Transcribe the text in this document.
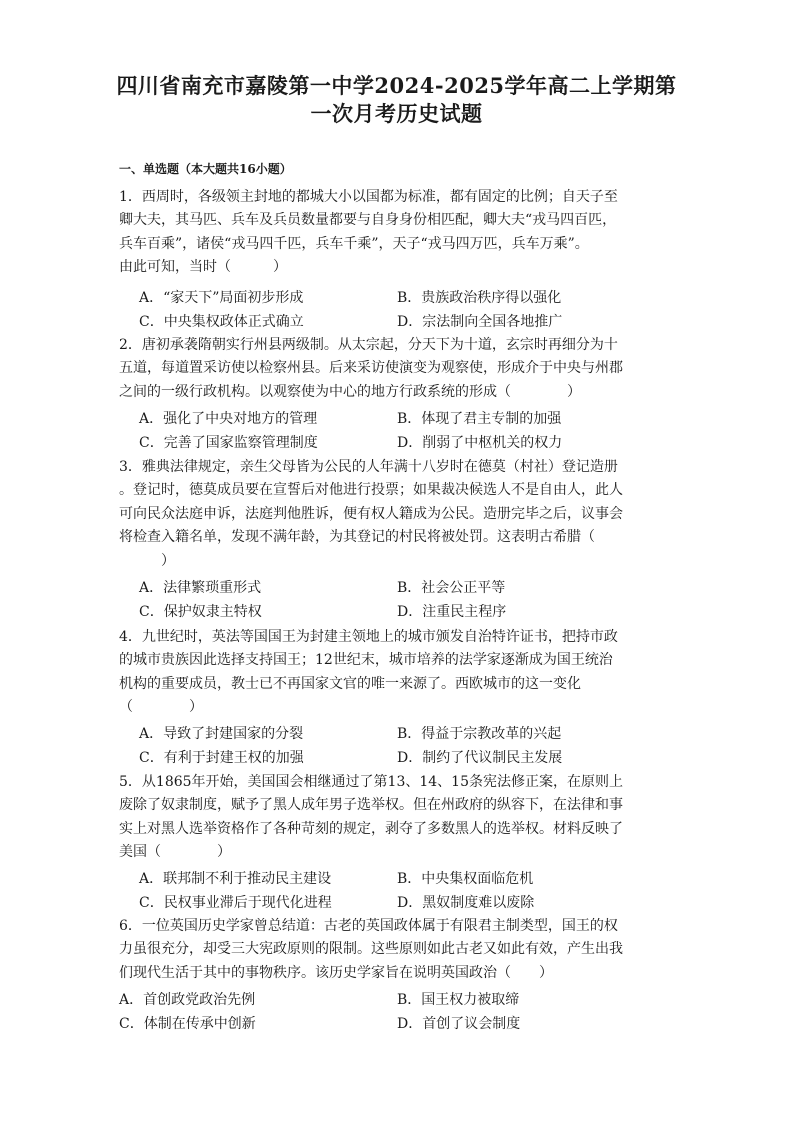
四川省南充市嘉陵第一中学2024-2025学年高二上学期第
一次月考历史试题
一、单选题（本大题共16小题）
1．西周时，各级领主封地的都城大小以国都为标准，都有固定的比例；自天子至
卿大夫，其马匹、兵车及兵员数量都要与自身身份相匹配，卿大夫“戎马四百匹，
兵车百乘”，诸侯“戎马四千匹，兵车千乘”，天子“戎马四万匹，兵车万乘”。
由此可知，当时（　　　）
A．“家天下”局面初步形成	B．贵族政治秩序得以强化
C．中央集权政体正式确立	D．宗法制向全国各地推广
2．唐初承袭隋朝实行州县两级制。从太宗起，分天下为十道，玄宗时再细分为十
五道，每道置采访使以检察州县。后来采访使演变为观察使，形成介于中央与州郡
之间的一级行政机构。以观察使为中心的地方行政系统的形成（　　　　）
A．强化了中央对地方的管理	B．体现了君主专制的加强
C．完善了国家监察管理制度	D．削弱了中枢机关的权力
3．雅典法律规定，亲生父母皆为公民的人年满十八岁时在德莫（村社）登记造册
。登记时，德莫成员要在宣誓后对他进行投票；如果裁决候选人不是自由人，此人
可向民众法庭申诉，法庭判他胜诉，便有权人籍成为公民。造册完毕之后，议事会
将检查入籍名单，发现不满年龄，为其登记的村民将被处罚。这表明古希腊（
　　　）
A．法律繁琐重形式	B．社会公正平等
C．保护奴隶主特权	D．注重民主程序
4．九世纪时，英法等国国王为封建主领地上的城市颁发自治特许证书，把持市政
的城市贵族因此选择支持国王；12世纪末，城市培养的法学家逐渐成为国王统治
机构的重要成员，教士已不再国家文官的唯一来源了。西欧城市的这一变化
（　　　　）
A．导致了封建国家的分裂	B．得益于宗教改革的兴起
C．有利于封建王权的加强	D．制约了代议制民主发展
5．从1865年开始，美国国会相继通过了第13、14、15条宪法修正案，在原则上
废除了奴隶制度，赋予了黑人成年男子选举权。但在州政府的纵容下，在法律和事
实上对黑人选举资格作了各种苛刻的规定，剥夺了多数黑人的选举权。材料反映了
美国（　　　　）
A．联邦制不利于推动民主建设	B．中央集权面临危机
C．民权事业滞后于现代化进程	D．黑奴制度难以废除
6．一位英国历史学家曾总结道：古老的英国政体属于有限君主制类型，国王的权
力虽很充分，却受三大宪政原则的限制。这些原则如此古老又如此有效，产生出我
们现代生活于其中的事物秩序。该历史学家旨在说明英国政治（　　）
A．首创政党政治先例	B．国王权力被取缔
C．体制在传承中创新	D．首创了议会制度
